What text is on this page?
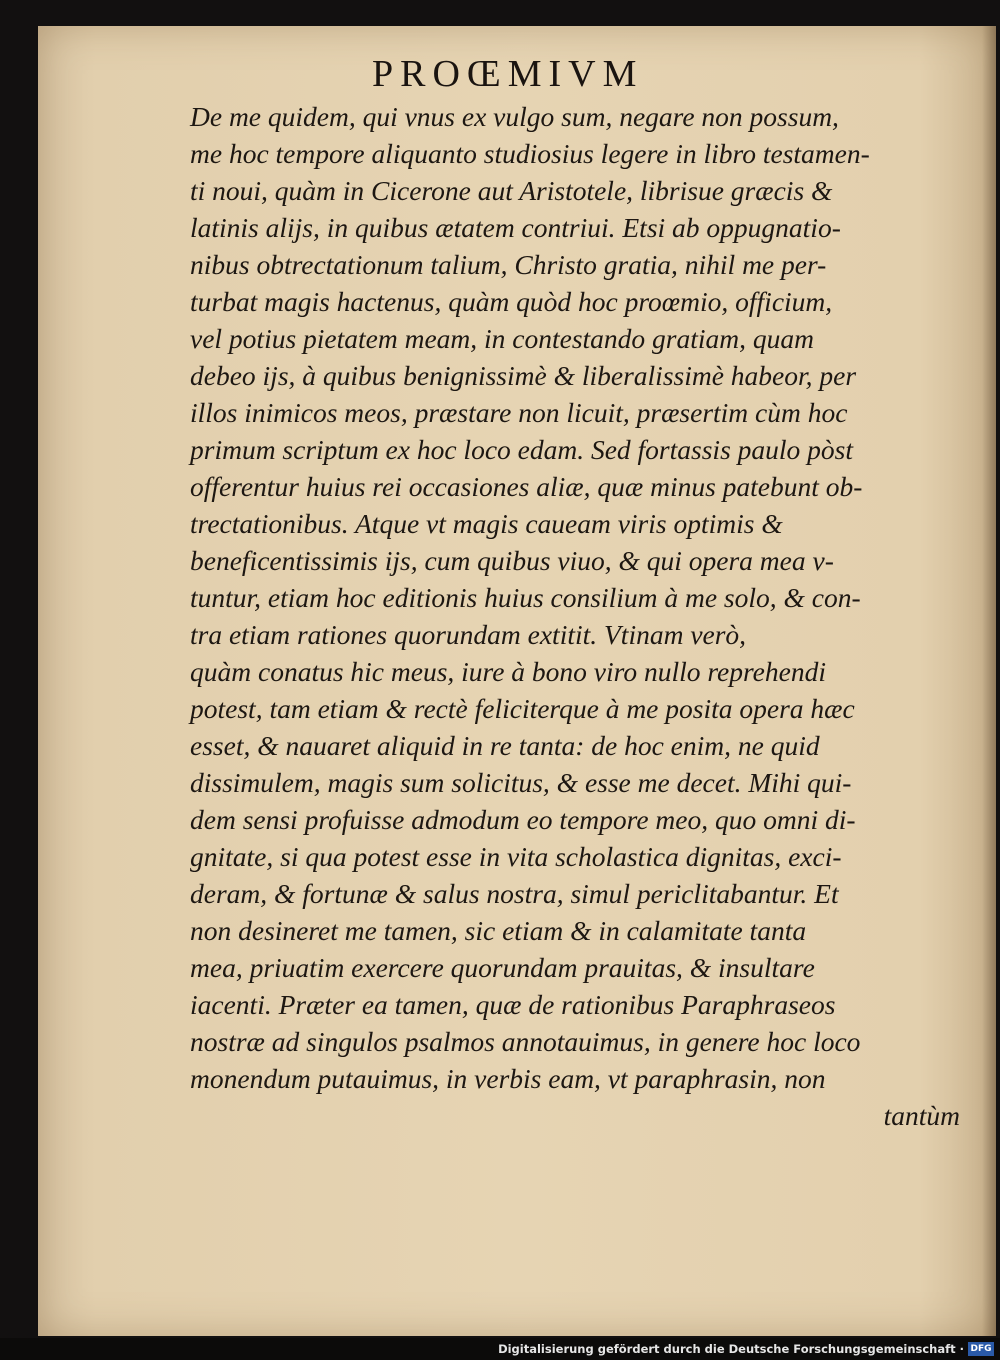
PROŒMIVM
De me quidem, qui vnus ex vulgo sum, negare non possum,
me hoc tempore aliquanto studiosius legere in libro testamen-
ti noui, quàm in Cicerone aut Aristotele, librisue græcis &
latinis alijs, in quibus ætatem contriui. Etsi ab oppugnatio-
nibus obtrectationum talium, Christo gratia, nihil me per-
turbat magis hactenus, quàm quòd hoc proœmio, officium,
vel potius pietatem meam, in contestando gratiam, quam
debeo ijs, à quibus benignissimè & liberalissimè habeor, per
illos inimicos meos, præstare non licuit, præsertim cùm hoc
primum scriptum ex hoc loco edam. Sed fortassis paulo pòst
offerentur huius rei occasiones aliæ, quæ minus patebunt ob-
trectationibus. Atque vt magis caueam viris optimis &
beneficentissimis ijs, cum quibus viuo, & qui opera mea v-
tuntur, etiam hoc editionis huius consilium à me solo, & con-
tra etiam rationes quorundam extitit. Vtinam verò,
quàm conatus hic meus, iure à bono viro nullo reprehendi
potest, tam etiam & rectè feliciterque à me posita opera hæc
esset, & nauaret aliquid in re tanta: de hoc enim, ne quid
dissimulem, magis sum solicitus, & esse me decet. Mihi qui-
dem sensi profuisse admodum eo tempore meo, quo omni di-
gnitate, si qua potest esse in vita scholastica dignitas, exci-
deram, & fortunæ & salus nostra, simul periclitabantur. Et
non desineret me tamen, sic etiam & in calamitate tanta
mea, priuatim exercere quorundam prauitas, & insultare
iacenti. Præter ea tamen, quæ de rationibus Paraphraseos
nostræ ad singulos psalmos annotauimus, in genere hoc loco
monendum putauimus, in verbis eam, vt paraphrasin, non
tantùm
Digitalisierung gefördert durch die Deutsche Forschungsgemeinschaft · DFG
